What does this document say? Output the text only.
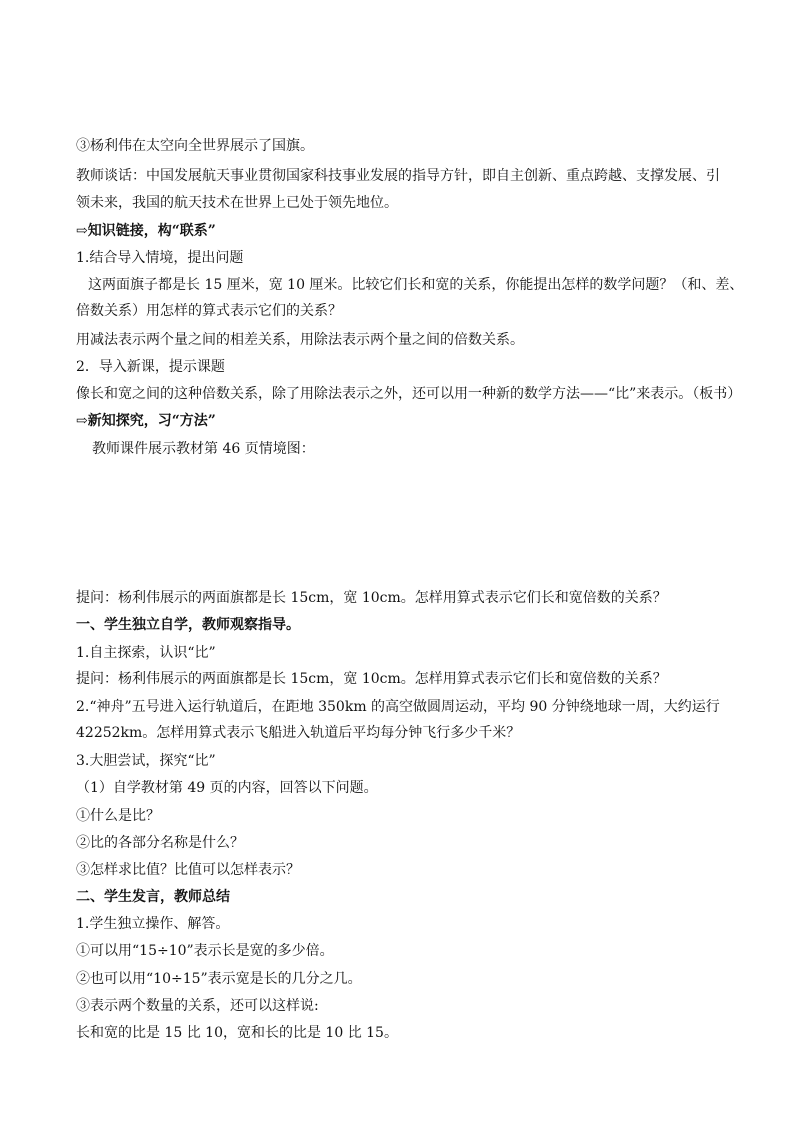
③杨利伟在太空向全世界展示了国旗。
教师谈话：中国发展航天事业贯彻国家科技事业发展的指导方针，即自主创新、重点跨越、支撑发展、引
领未来，我国的航天技术在世界上已处于领先地位。
⇨知识链接，构“联系”
1.结合导入情境，提出问题
这两面旗子都是长 15 厘米，宽 10 厘米。比较它们长和宽的关系，你能提出怎样的数学问题？（和、差、
倍数关系）用怎样的算式表示它们的关系？
用减法表示两个量之间的相差关系，用除法表示两个量之间的倍数关系。
2．导入新课，提示课题
像长和宽之间的这种倍数关系，除了用除法表示之外，还可以用一种新的数学方法——“比”来表示。（板书）
⇨新知探究，习“方法”
教师课件展示教材第 46 页情境图：
提问：杨利伟展示的两面旗都是长 15cm，宽 10cm。怎样用算式表示它们长和宽倍数的关系？
一、学生独立自学，教师观察指导。
1.自主探索，认识“比”
提问：杨利伟展示的两面旗都是长 15cm，宽 10cm。怎样用算式表示它们长和宽倍数的关系？
2.“神舟”五号进入运行轨道后，在距地 350km 的高空做圆周运动，平均 90 分钟绕地球一周，大约运行
42252km。怎样用算式表示飞船进入轨道后平均每分钟飞行多少千米？
3.大胆尝试，探究“比”
（1）自学教材第 49 页的内容，回答以下问题。
①什么是比？
②比的各部分名称是什么？
③怎样求比值？比值可以怎样表示？
二、学生发言，教师总结
1.学生独立操作、解答。
①可以用“15÷10”表示长是宽的多少倍。
②也可以用“10÷15”表示宽是长的几分之几。
③表示两个数量的关系，还可以这样说:
长和宽的比是 15 比 10，宽和长的比是 10 比 15。
